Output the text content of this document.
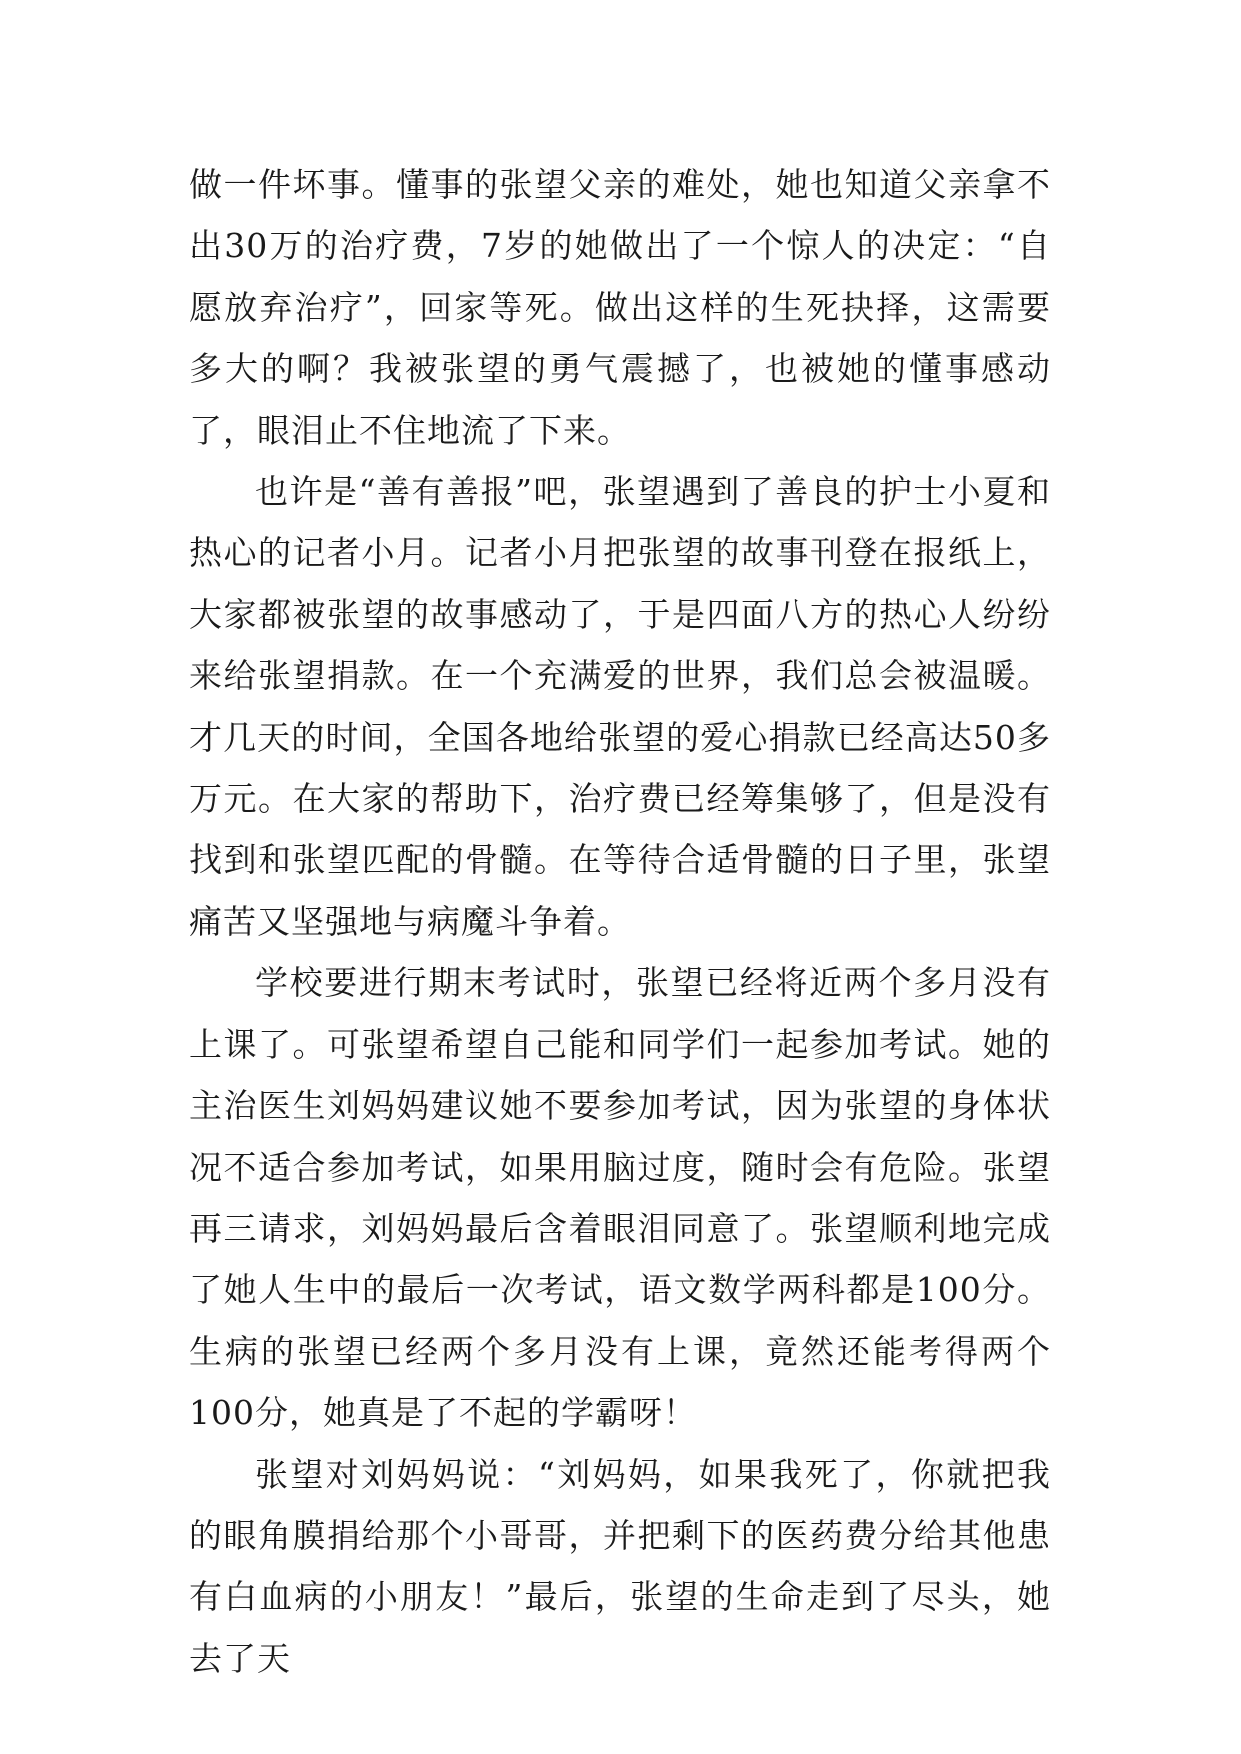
做一件坏事。懂事的张望父亲的难处，她也知道父亲拿不出30万的治疗费，7岁的她做出了一个惊人的决定：“自愿放弃治疗”，回家等死。做出这样的生死抉择，这需要多大的啊？我被张望的勇气震撼了，也被她的懂事感动了，眼泪止不住地流了下来。

也许是“善有善报”吧，张望遇到了善良的护士小夏和热心的记者小月。记者小月把张望的故事刊登在报纸上，大家都被张望的故事感动了，于是四面八方的热心人纷纷来给张望捐款。在一个充满爱的世界，我们总会被温暖。才几天的时间，全国各地给张望的爱心捐款已经高达50多万元。在大家的帮助下，治疗费已经筹集够了，但是没有找到和张望匹配的骨髓。在等待合适骨髓的日子里，张望痛苦又坚强地与病魔斗争着。

学校要进行期末考试时，张望已经将近两个多月没有上课了。可张望希望自己能和同学们一起参加考试。她的主治医生刘妈妈建议她不要参加考试，因为张望的身体状况不适合参加考试，如果用脑过度，随时会有危险。张望再三请求，刘妈妈最后含着眼泪同意了。张望顺利地完成了她人生中的最后一次考试，语文数学两科都是100分。生病的张望已经两个多月没有上课，竟然还能考得两个100分，她真是了不起的学霸呀！

张望对刘妈妈说：“刘妈妈，如果我死了，你就把我的眼角膜捐给那个小哥哥，并把剩下的医药费分给其他患有白血病的小朋友！”最后，张望的生命走到了尽头，她去了天
